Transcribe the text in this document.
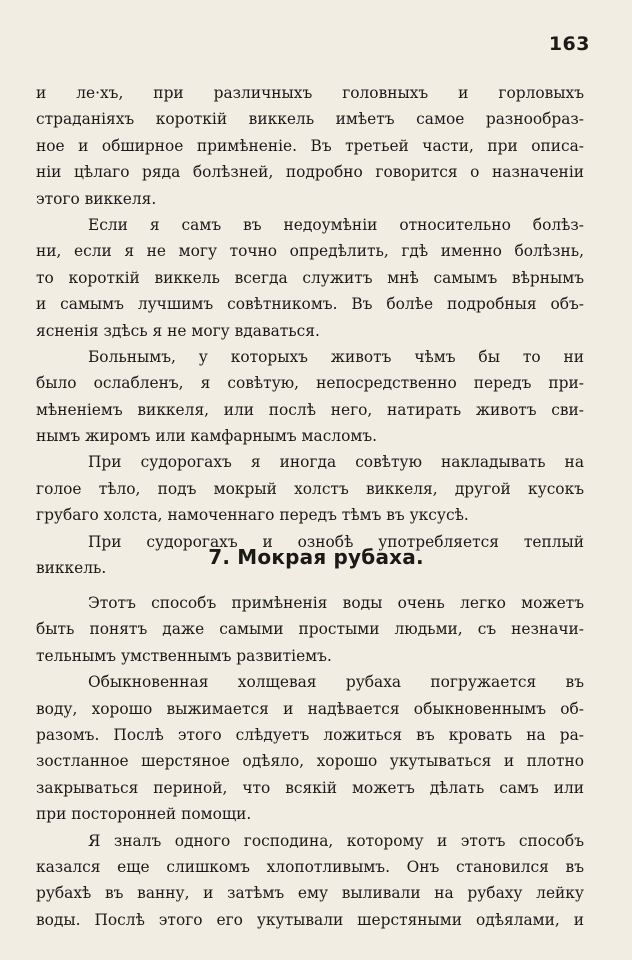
163
и ле·хъ, при различныхъ головныхъ и горловыхъ
страданіяхъ короткій виккель имѣетъ самое разнообраз-
ное и обширное примѣненіе. Въ третьей части, при описа-
ніи цѣлаго ряда болѣзней, подробно говорится о назначеніи
этого виккеля.
Если я самъ въ недоумѣніи относительно болѣз-
ни, если я не могу точно опредѣлить, гдѣ именно болѣзнь,
то короткій виккель всегда служитъ мнѣ самымъ вѣрнымъ
и самымъ лучшимъ совѣтникомъ. Въ болѣе подробныя объ-
ясненія здѣсь я не могу вдаваться.
Больнымъ, у которыхъ животъ чѣмъ бы то ни
было ослабленъ, я совѣтую, непосредственно передъ при-
мѣненіемъ виккеля, или послѣ него, натирать животъ сви-
нымъ жиромъ или камфарнымъ масломъ.
При судорогахъ я иногда совѣтую накладывать на
голое тѣло, подъ мокрый холстъ виккеля, другой кусокъ
грубаго холста, намоченнаго передъ тѣмъ въ уксусѣ.
При судорогахъ и ознобѣ употребляется теплый
виккель.	7. Мокрая рубаха.
Этотъ способъ примѣненія воды очень легко можетъ
быть понятъ даже самыми простыми людьми, съ незначи-
тельнымъ умственнымъ развитіемъ.
Обыкновенная холщевая рубаха погружается въ
воду, хорошо выжимается и надѣвается обыкновеннымъ об-
разомъ. Послѣ этого слѣдуетъ ложиться въ кровать на ра-
зостланное шерстяное одѣяло, хорошо укутываться и плотно
закрываться периной, что всякій можетъ дѣлать самъ или
при посторонней помощи.
Я зналъ одного господина, которому и этотъ способъ
казался еще слишкомъ хлопотливымъ. Онъ становился въ
рубахѣ въ ванну, и затѣмъ ему выливали на рубаху лейку
воды. Послѣ этого его укутывали шерстяными одѣялами, и
